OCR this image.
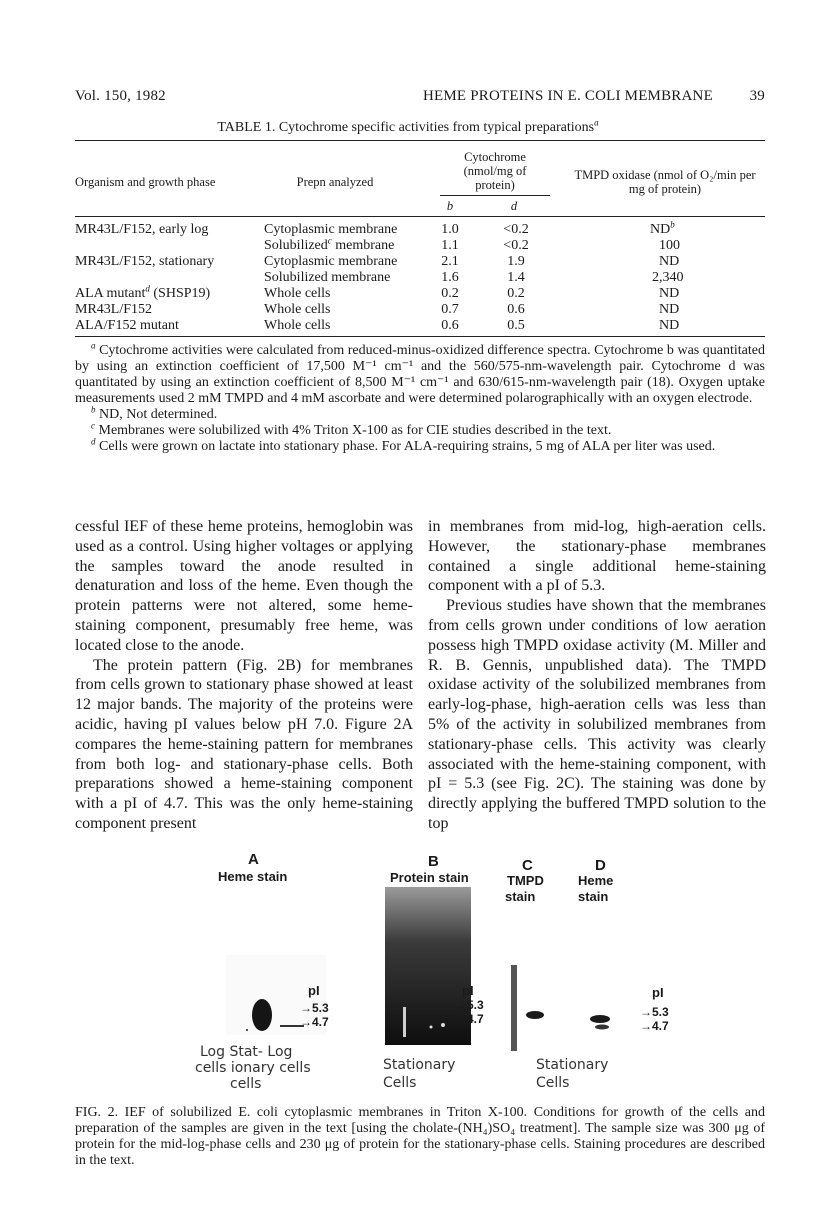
Vol. 150, 1982	HEME PROTEINS IN E. COLI MEMBRANE 39
TABLE 1. Cytochrome specific activities from typical preparations$^a$
Organism and growth phase	Prepn analyzed
Cytochrome (nmol/mg of protein)
TMPD oxidase (nmol of O₂/min per mg of protein)
b	d
MR43L/F152, early log	Cytoplasmic membrane	1.0	<0.2	$ND^b$
Solubilized$^c$ membrane	1.1	<0.2	100
MR43L/F152, stationary	Cytoplasmic membrane	2.1	1.9	ND
Solubilized membrane	1.6	1.4	2,340
ALA mutant$^d$ (SHSP19)	Whole cells	0.2	0.2	ND
MR43L/F152	Whole cells	0.7	0.6	ND
ALA/F152 mutant	Whole cells	0.6	0.5	ND

$^a$ Cytochrome activities were calculated from reduced-minus-oxidized difference spectra. Cytochrome b was quantitated by using an extinction coefficient of 17,500 M⁻¹ cm⁻¹ and the 560/575-nm-wavelength pair. Cytochrome d was quantitated by using an extinction coefficient of 8,500 M⁻¹ cm⁻¹ and 630/615-nm-wavelength pair (18). Oxygen uptake measurements used 2 mM TMPD and 4 mM ascorbate and were determined polarographically with an oxygen electrode.

$^b$ ND, Not determined.

$^c$ Membranes were solubilized with 4% Triton X-100 as for CIE studies described in the text.

$^d$ Cells were grown on lactate into stationary phase. For ALA-requiring strains, 5 mg of ALA per liter was used.

cessful IEF of these heme proteins, hemoglobin was used as a control. Using higher voltages or applying the samples toward the anode resulted in denaturation and loss of the heme. Even though the protein patterns were not altered, some heme-staining component, presumably free heme, was located close to the anode.

The protein pattern (Fig. 2B) for membranes from cells grown to stationary phase showed at least 12 major bands. The majority of the proteins were acidic, having pI values below pH 7.0. Figure 2A compares the heme-staining pattern for membranes from both log- and stationary-phase cells. Both preparations showed a heme-staining component with a pI of 4.7. This was the only heme-staining component present

in membranes from mid-log, high-aeration cells. However, the stationary-phase membranes contained a single additional heme-staining component with a pI of 5.3.

Previous studies have shown that the membranes from cells grown under conditions of low aeration possess high TMPD oxidase activity (M. Miller and R. B. Gennis, unpublished data). The TMPD oxidase activity of the solubilized membranes from early-log-phase, high-aeration cells was less than 5% of the activity in solubilized membranes from stationary-phase cells. This activity was clearly associated with the heme-staining component, with pI = 5.3 (see Fig. 2C). The staining was done by directly applying the buffered TMPD solution to the top

A
Heme stain
pI
→5.3
→4.7
Log Stat- Log
cells ionary cells
cells
B
Protein stain
pI
→5.3
→4.7
Stationary
Cells
C
TMPD
stain
D
Heme
stain
pI
→5.3
→4.7
Stationary
Cells
FIG. 2. IEF of solubilized E. coli cytoplasmic membranes in Triton X-100. Conditions for growth of the cells and preparation of the samples are given in the text [using the cholate-(NH₄)SO₄ treatment]. The sample size was 300 μg of protein for the mid-log-phase cells and 230 μg of protein for the stationary-phase cells. Staining procedures are described in the text.
